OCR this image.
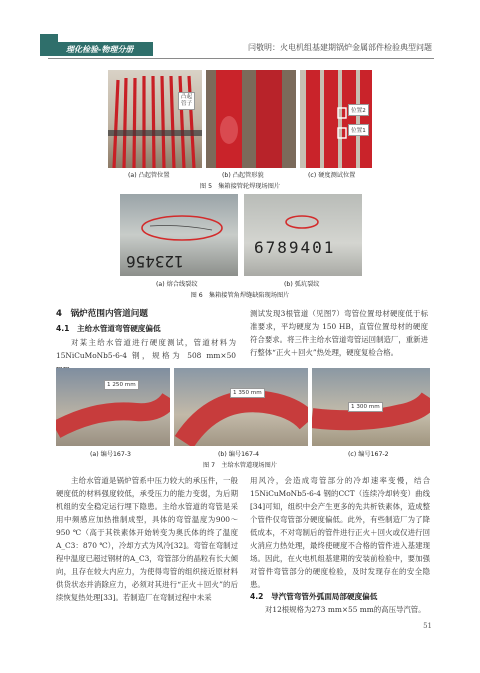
理化检验-物理分册	闫敬明：火电机组基建期锅炉金属部件检验典型问题
凸起
管子
位置2
位置1
(a) 凸起管位置	(b) 凸起管形貌	(c) 硬度测试位置
图 5　集箱接管轮焊现场图片
123456
6789401
(a) 熔合线裂纹	(b) 弧坑裂纹
图 6　集箱接管角焊缝缺陷现场图片
4　锅炉范围内管道问题
4.1　主给水管道弯管硬度偏低
对某主给水管道进行硬度测试，管道材料为15NiCuMoNb5-6-4 钢，规格为 508 mm×50
测试发现3根管道（见图7）弯管位置母材硬度低于标准要求，平均硬度为 150 HB，直管位置母材的硬度符合要求。将三件主给水管道弯管运回制造厂，重新进行整体“正火＋回火”热处理，硬度复检合格。
1 250 mm
1 350 mm
1 300 mm
(a) 编号167-3	(b) 编号167-4	(c) 编号167-2
图 7　主给水管道现场图片
主给水管道是锅炉管系中压力较大的承压件，一般硬度低的材料强度较低，承受压力的能力变弱，为后期机组的安全稳定运行埋下隐患。主给水管道的弯管是采用中频感应加热推制成型，具体的弯管温度为900～950 ℃（高于其铁素体开始转变为奥氏体的终了温度A_C3：870 ℃），冷却方式为风冷[32]。弯管在弯制过程中温度已超过钢材的A_C3，弯管部分的晶粒有长大倾向，且存在较大内应力，为使得弯管的组织接近原材料供货状态并消除应力，必须对其进行“正火＋回火”的后续恢复热处理[33]。若制造厂在弯制过程中未采
用风冷，会造成弯管部分的冷却速率变慢，结合15NiCuMoNb5-6-4 钢的CCT（连续冷却转变）曲线[34]可知，组织中会产生更多的先共析铁素体，造成整个管件仅弯管部分硬度偏低。此外，有些制造厂为了降低成本，不对弯制后的管件进行正火＋回火或仅进行回火消应力热处理，最终使硬度不合格的管件进入基建现场。因此，在火电机组基建期的安装前检验中，要加强对管件弯管部分的硬度检验，及时发现存在的安全隐患。
4.2　导汽管弯管外弧面局部硬度偏低
对12根规格为273 mm×55 mm的高压导汽管。
51
